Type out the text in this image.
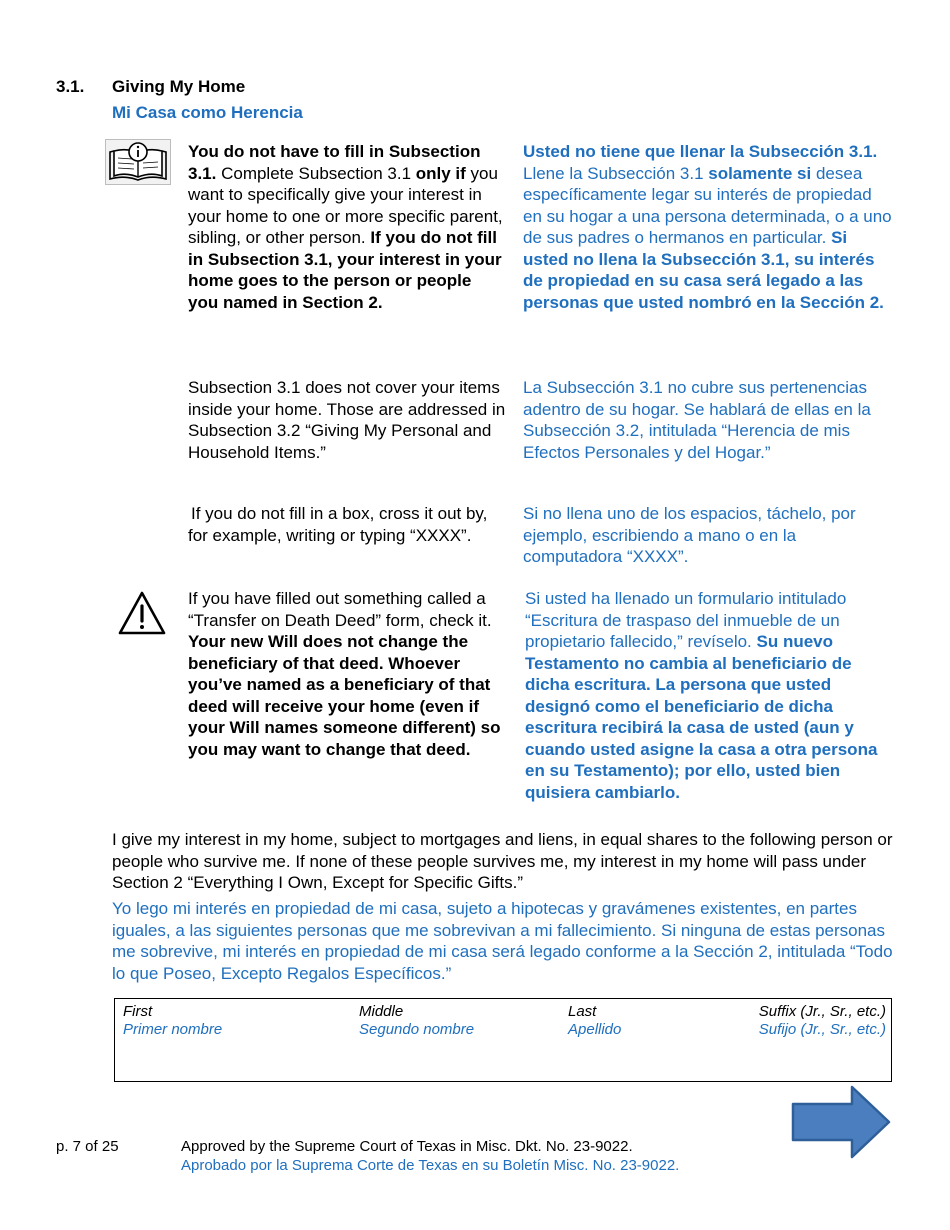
3.1. Giving My Home
Mi Casa como Herencia

You do not have to fill in Subsection 3.1. Complete Subsection 3.1 only if you want to specifically give your interest in your home to one or more specific parent, sibling, or other person. If you do not fill in Subsection 3.1, your interest in your home goes to the person or people you named in Section 2.

Usted no tiene que llenar la Subsección 3.1. Llene la Subsección 3.1 solamente si desea específicamente legar su interés de propiedad en su hogar a una persona determinada, o a uno de sus padres o hermanos en particular. Si usted no llena la Subsección 3.1, su interés de propiedad en su casa será legado a las personas que usted nombró en la Sección 2.

Subsection 3.1 does not cover your items inside your home. Those are addressed in Subsection 3.2 “Giving My Personal and Household Items.”

La Subsección 3.1 no cubre sus pertenencias adentro de su hogar. Se hablará de ellas en la Subsección 3.2, intitulada “Herencia de mis Efectos Personales y del Hogar.”

If you do not fill in a box, cross it out by, for example, writing or typing “XXXX”.

Si no llena uno de los espacios, táchelo, por ejemplo, escribiendo a mano o en la computadora “XXXX”.

If you have filled out something called a “Transfer on Death Deed” form, check it. Your new Will does not change the beneficiary of that deed. Whoever you’ve named as a beneficiary of that deed will receive your home (even if your Will names someone different) so you may want to change that deed.

Si usted ha llenado un formulario intitulado “Escritura de traspaso del inmueble de un propietario fallecido,” revíselo. Su nuevo Testamento no cambia al beneficiario de dicha escritura. La persona que usted designó como el beneficiario de dicha escritura recibirá la casa de usted (aun y cuando usted asigne la casa a otra persona en su Testamento); por ello, usted bien quisiera cambiarlo.

I give my interest in my home, subject to mortgages and liens, in equal shares to the following person or people who survive me. If none of these people survives me, my interest in my home will pass under Section 2 “Everything I Own, Except for Specific Gifts.”

Yo lego mi interés en propiedad de mi casa, sujeto a hipotecas y gravámenes existentes, en partes iguales, a las siguientes personas que me sobrevivan a mi fallecimiento. Si ninguna de estas personas me sobrevive, mi interés en propiedad de mi casa será legado conforme a la Sección 2, intitulada “Todo lo que Poseo, Excepto Regalos Específicos.”

First
Primer nombre
Middle
Segundo nombre
Last
Apellido
Suffix (Jr., Sr., etc.)
Sufijo (Jr., Sr., etc.)
p. 7 of 25	Approved by the Supreme Court of Texas in Misc. Dkt. No. 23-9022.
Aprobado por la Suprema Corte de Texas en su Boletín Misc. No. 23-9022.
